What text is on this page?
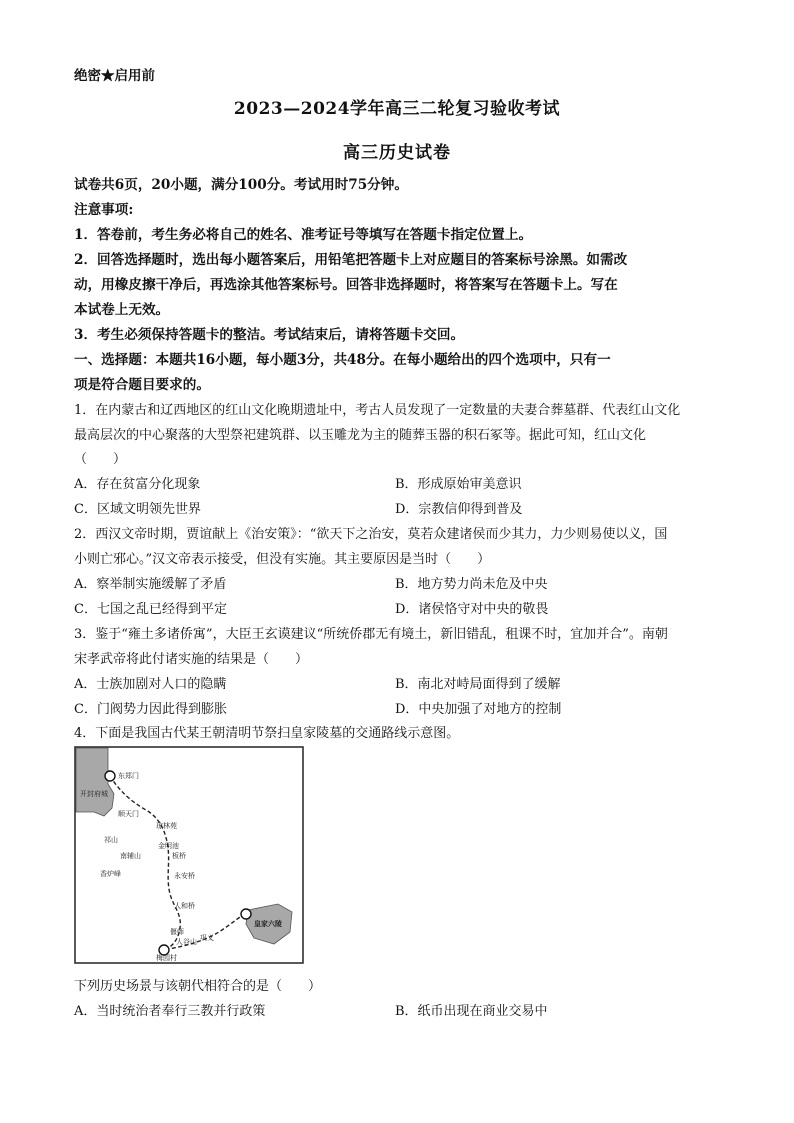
绝密★启用前
2023—2024学年高三二轮复习验收考试
高三历史试卷
试卷共6页，20小题，满分100分。考试用时75分钟。
注意事项:
1．答卷前，考生务必将自己的姓名、准考证号等填写在答题卡指定位置上。
2．回答选择题时，选出每小题答案后，用铅笔把答题卡上对应题目的答案标号涂黑。如需改
动，用橡皮擦干净后，再选涂其他答案标号。回答非选择题时，将答案写在答题卡上。写在
本试卷上无效。
3．考生必须保持答题卡的整洁。考试结束后，请将答题卡交回。
一、选择题：本题共16小题，每小题3分，共48分。在每小题给出的四个选项中，只有一
项是符合题目要求的。
1．在内蒙古和辽西地区的红山文化晚期遗址中，考古人员发现了一定数量的夫妻合葬墓群、代表红山文化
最高层次的中心聚落的大型祭祀建筑群、以玉雕龙为主的随葬玉器的积石冢等。据此可知，红山文化
（　　）
A．存在贫富分化现象	B．形成原始审美意识
C．区域文明领先世界	D．宗教信仰得到普及
2．西汉文帝时期，贾谊献上《治安策》：“欲天下之治安，莫若众建诸侯而少其力，力少则易使以义，国
小则亡邪心。”汉文帝表示接受，但没有实施。其主要原因是当时（　　）
A．察举制实施缓解了矛盾	B．地方势力尚未危及中央
C．七国之乱已经得到平定	D．诸侯恪守对中央的敬畏
3．鉴于“雍土多诸侨寓”，大臣王玄谟建议“所统侨郡无有境土，新旧错乱，租课不时，宜加并合”。南朝
宋孝武帝将此付诸实施的结果是（　　）
A．士族加剧对人口的隐瞒	B．南北对峙局面得到了缓解
C．门阀势力因此得到膨胀	D．中央加强了对地方的控制
4．下面是我国古代某王朝清明节祭扫皇家陵墓的交通路线示意图。
东郑门
开封府城
顺天门
琼林苑
金明池
板桥
南辅山
祁山
香炉峰	永安桥
人和桥
偃师
人谷山 巩义
皇家六陵
梅园村
下列历史场景与该朝代相符合的是（　　）
A．当时统治者奉行三教并行政策	B．纸币出现在商业交易中
